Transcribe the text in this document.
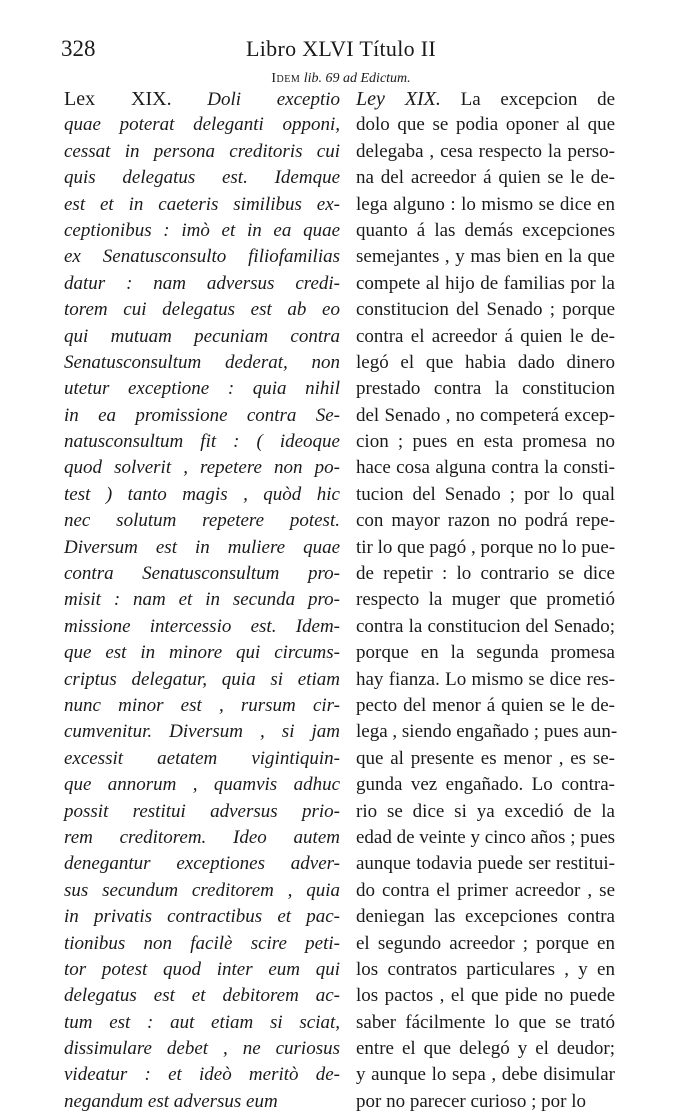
328	Libro XLVI Título II
Idem lib. 69 ad Edictum.
Lex XIX. Doli exceptio
quae poterat deleganti opponi,
cessat in persona creditoris cui
quis delegatus est. Idemque
est et in caeteris similibus ex-
ceptionibus : imò et in ea quae
ex Senatusconsulto filiofamilias
datur : nam adversus credi-
torem cui delegatus est ab eo
qui mutuam pecuniam contra
Senatusconsultum dederat, non
utetur exceptione : quia nihil
in ea promissione contra Se-
natusconsultum fit : ( ideoque
quod solverit , repetere non po-
test ) tanto magis , quòd hic
nec solutum repetere potest.
Diversum est in muliere quae
contra Senatusconsultum pro-
misit : nam et in secunda pro-
missione intercessio est. Idem-
que est in minore qui circums-
criptus delegatur, quia si etiam
nunc minor est , rursum cir-
cumvenitur. Diversum , si jam
excessit aetatem vigintiquin-
que annorum , quamvis adhuc
possit restitui adversus prio-
rem creditorem. Ideo autem
denegantur exceptiones adver-
sus secundum creditorem , quia
in privatis contractibus et pac-
tionibus non facilè scire peti-
tor potest quod inter eum qui
delegatus est et debitorem ac-
tum est : aut etiam si sciat,
dissimulare debet , ne curiosus
videatur : et ideò meritò de-
negandum est adversus eum
Ley XIX. La excepcion de
dolo que se podia oponer al que
delegaba , cesa respecto la perso-
na del acreedor á quien se le de-
lega alguno : lo mismo se dice en
quanto á las demás excepciones
semejantes , y mas bien en la que
compete al hijo de familias por la
constitucion del Senado ; porque
contra el acreedor á quien le de-
legó el que habia dado dinero
prestado contra la constitucion
del Senado , no competerá excep-
cion ; pues en esta promesa no
hace cosa alguna contra la consti-
tucion del Senado ; por lo qual
con mayor razon no podrá repe-
tir lo que pagó , porque no lo pue-
de repetir : lo contrario se dice
respecto la muger que prometió
contra la constitucion del Senado;
porque en la segunda promesa
hay fianza. Lo mismo se dice res-
pecto del menor á quien se le de-
lega , siendo engañado ; pues aun-
que al presente es menor , es se-
gunda vez engañado. Lo contra-
rio se dice si ya excedió de la
edad de veinte y cinco años ; pues
aunque todavia puede ser restitui-
do contra el primer acreedor , se
deniegan las excepciones contra
el segundo acreedor ; porque en
los contratos particulares , y en
los pactos , el que pide no puede
saber fácilmente lo que se trató
entre el que delegó y el deudor;
y aunque lo sepa , debe disimular
por no parecer curioso ; por lo
